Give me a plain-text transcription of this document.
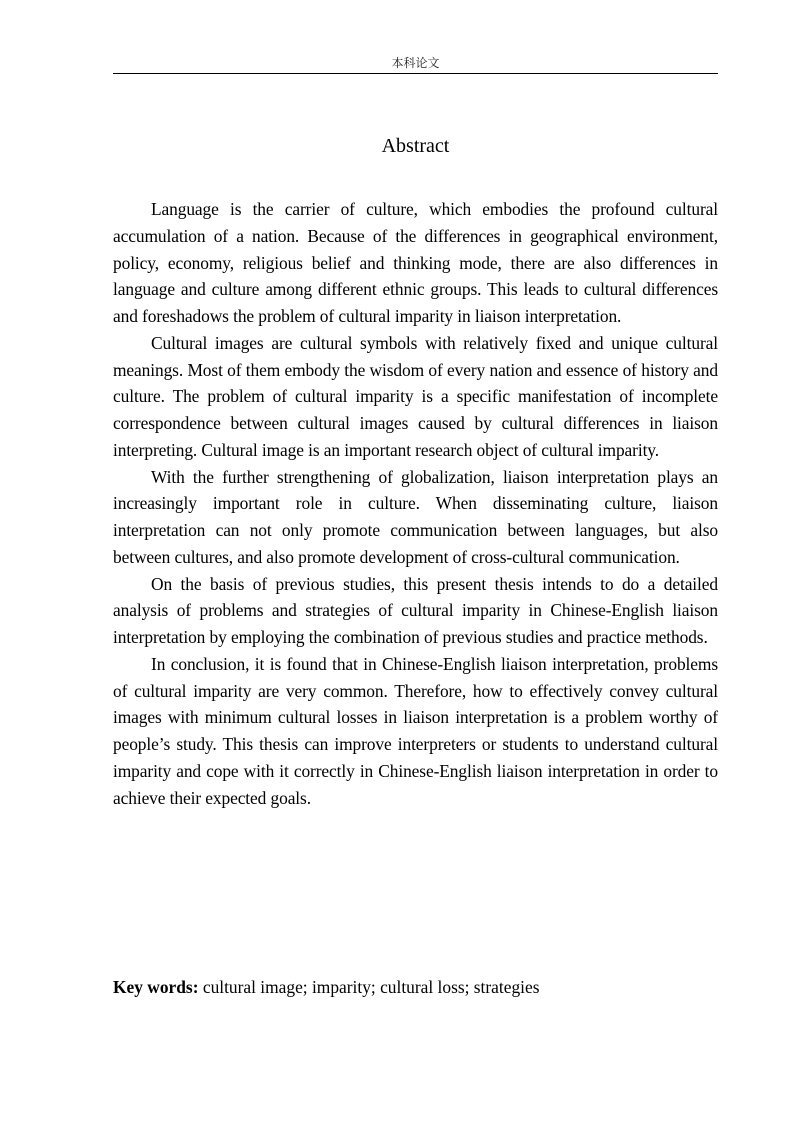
本科论文
Abstract

Language is the carrier of culture, which embodies the profound cultural accumulation of a nation. Because of the differences in geographical environment, policy, economy, religious belief and thinking mode, there are also differences in language and culture among different ethnic groups. This leads to cultural differences and foreshadows the problem of cultural imparity in liaison interpretation.

Cultural images are cultural symbols with relatively fixed and unique cultural meanings. Most of them embody the wisdom of every nation and essence of history and culture. The problem of cultural imparity is a specific manifestation of incomplete correspondence between cultural images caused by cultural differences in liaison interpreting. Cultural image is an important research object of cultural imparity.

With the further strengthening of globalization, liaison interpretation plays an increasingly important role in culture. When disseminating culture, liaison interpretation can not only promote communication between languages, but also between cultures, and also promote development of cross-cultural communication.

On the basis of previous studies, this present thesis intends to do a detailed analysis of problems and strategies of cultural imparity in Chinese-English liaison interpretation by employing the combination of previous studies and practice methods.

In conclusion, it is found that in Chinese-English liaison interpretation, problems of cultural imparity are very common. Therefore, how to effectively convey cultural images with minimum cultural losses in liaison interpretation is a problem worthy of people’s study. This thesis can improve interpreters or students to understand cultural imparity and cope with it correctly in Chinese-English liaison interpretation in order to achieve their expected goals.

Key words: cultural image; imparity; cultural loss; strategies
